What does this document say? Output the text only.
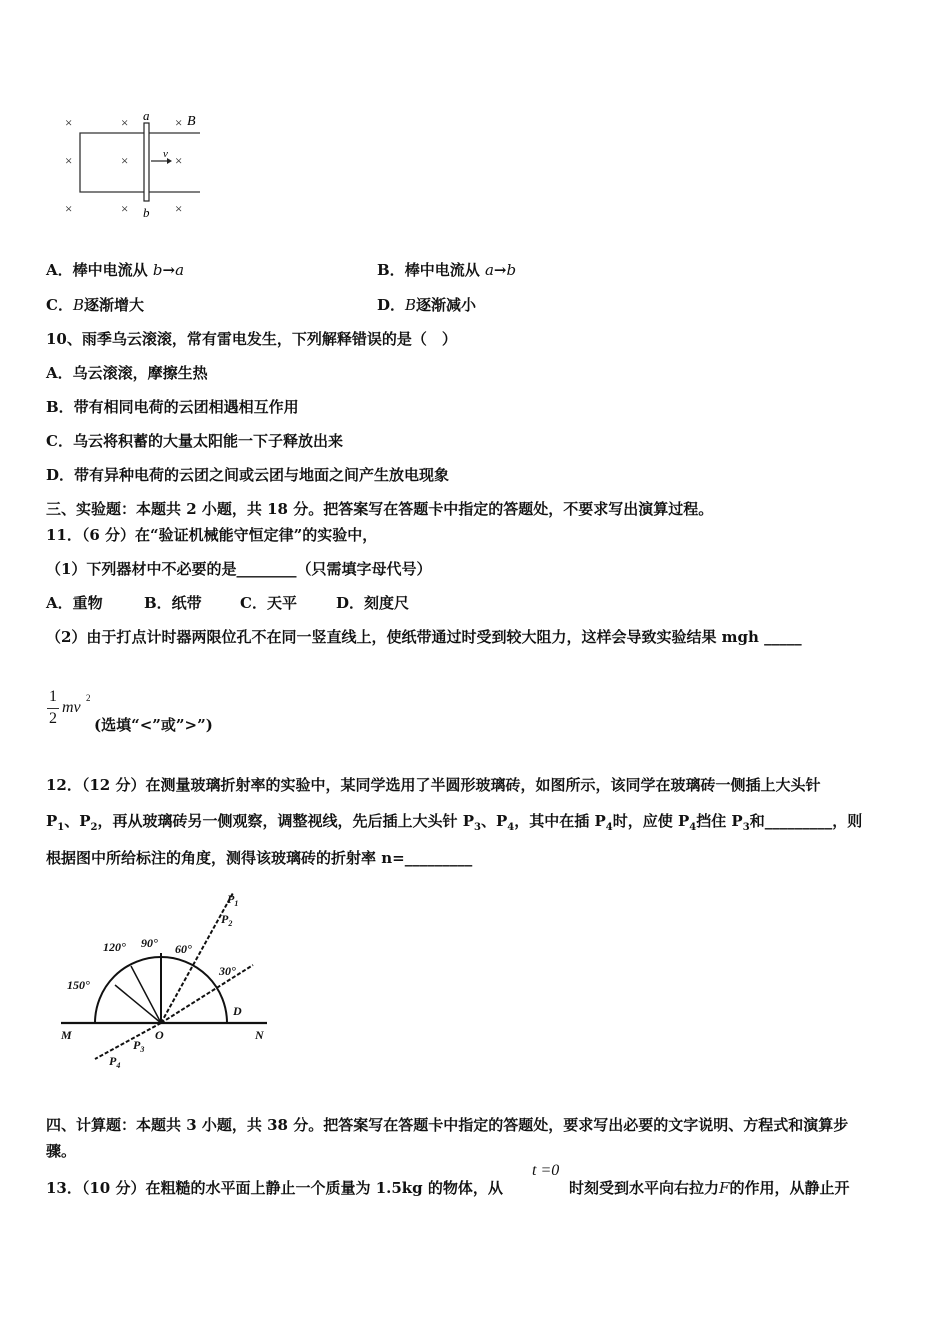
×	×	×
×	×	×
×	×	×
v
a
b
B
A．棒中电流从 b→a	B．棒中电流从 a→b
C．B逐渐增大	D．B逐渐减小
10、雨季乌云滚滚，常有雷电发生，下列解释错误的是（　）
A．乌云滚滚，摩擦生热
B．带有相同电荷的云团相遇相互作用
C．乌云将积蓄的大量太阳能一下子释放出来
D．带有异种电荷的云团之间或云团与地面之间产生放电现象
三、实验题：本题共 2 小题，共 18 分。把答案写在答题卡中指定的答题处，不要求写出演算过程。
11．（6 分）在“验证机械能守恒定律”的实验中，
（1）下列器材中不必要的是________（只需填字母代号）
A．重物	B．纸带	C．天平	D．刻度尺
（2）由于打点计时器两限位孔不在同一竖直线上，使纸带通过时受到较大阻力，这样会导致实验结果 mgh _____
1
2
mv
2
(选填“<”或”>”)
12．（12 分）在测量玻璃折射率的实验中，某同学选用了半圆形玻璃砖，如图所示，该同学在玻璃砖一侧插上大头针
$P_1$、$P_2$，再从玻璃砖另一侧观察，调整视线，先后插上大头针 $P_3$、$P_4$，其中在插 $P_4$时，应使 $P_4$挡住 $P_3$和_________，则
根据图中所给标注的角度，测得该玻璃砖的折射率 n=_________
120° 90° 60°
30°
150°
M	O	N
D
$P_1$
$P_2$
$P_3$
$P_4$
四、计算题：本题共 3 小题，共 38 分。把答案写在答题卡中指定的答题处，要求写出必要的文字说明、方程式和演算步
骤。
13．（10 分）在粗糙的水平面上静止一个质量为 1.5kg 的物体，从
t =0
时刻受到水平向右拉力F的作用，从静止开
